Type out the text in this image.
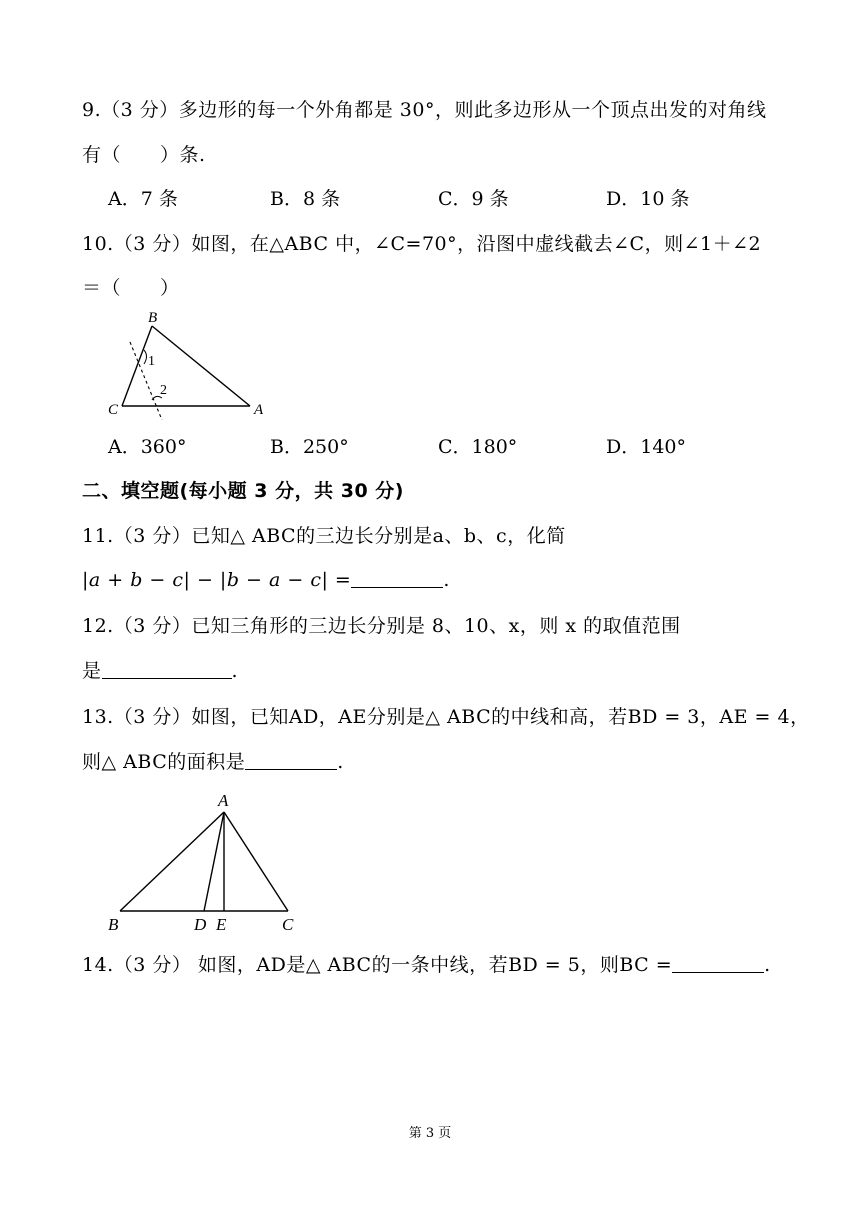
9.（3 分）多边形的每一个外角都是 30°，则此多边形从一个顶点出发的对角线
有（　　）条.
A．7 条	B．8 条	C．9 条	D．10 条
10.（3 分）如图，在△ABC 中，∠C=70°，沿图中虚线截去∠C，则∠1＋∠2
＝（　　）
B
C	A
1
2
A．360°	B．250°	C．180°	D．140°
二、填空题(每小题 3 分，共 30 分)
11.（3 分）已知△ ABC的三边长分别是a、b、c，化简
|a + b − c| − |b − a − c| =	.
12.（3 分）已知三角形的三边长分别是 8、10、x，则 x 的取值范围
是	.
13.（3 分）如图，已知AD，AE分别是△ ABC的中线和高，若BD = 3，AE = 4，
则△ ABC的面积是	.
A
B	D E	C
14.（3 分） 如图，AD是△ ABC的一条中线，若BD = 5，则BC =	.
第 3 页
